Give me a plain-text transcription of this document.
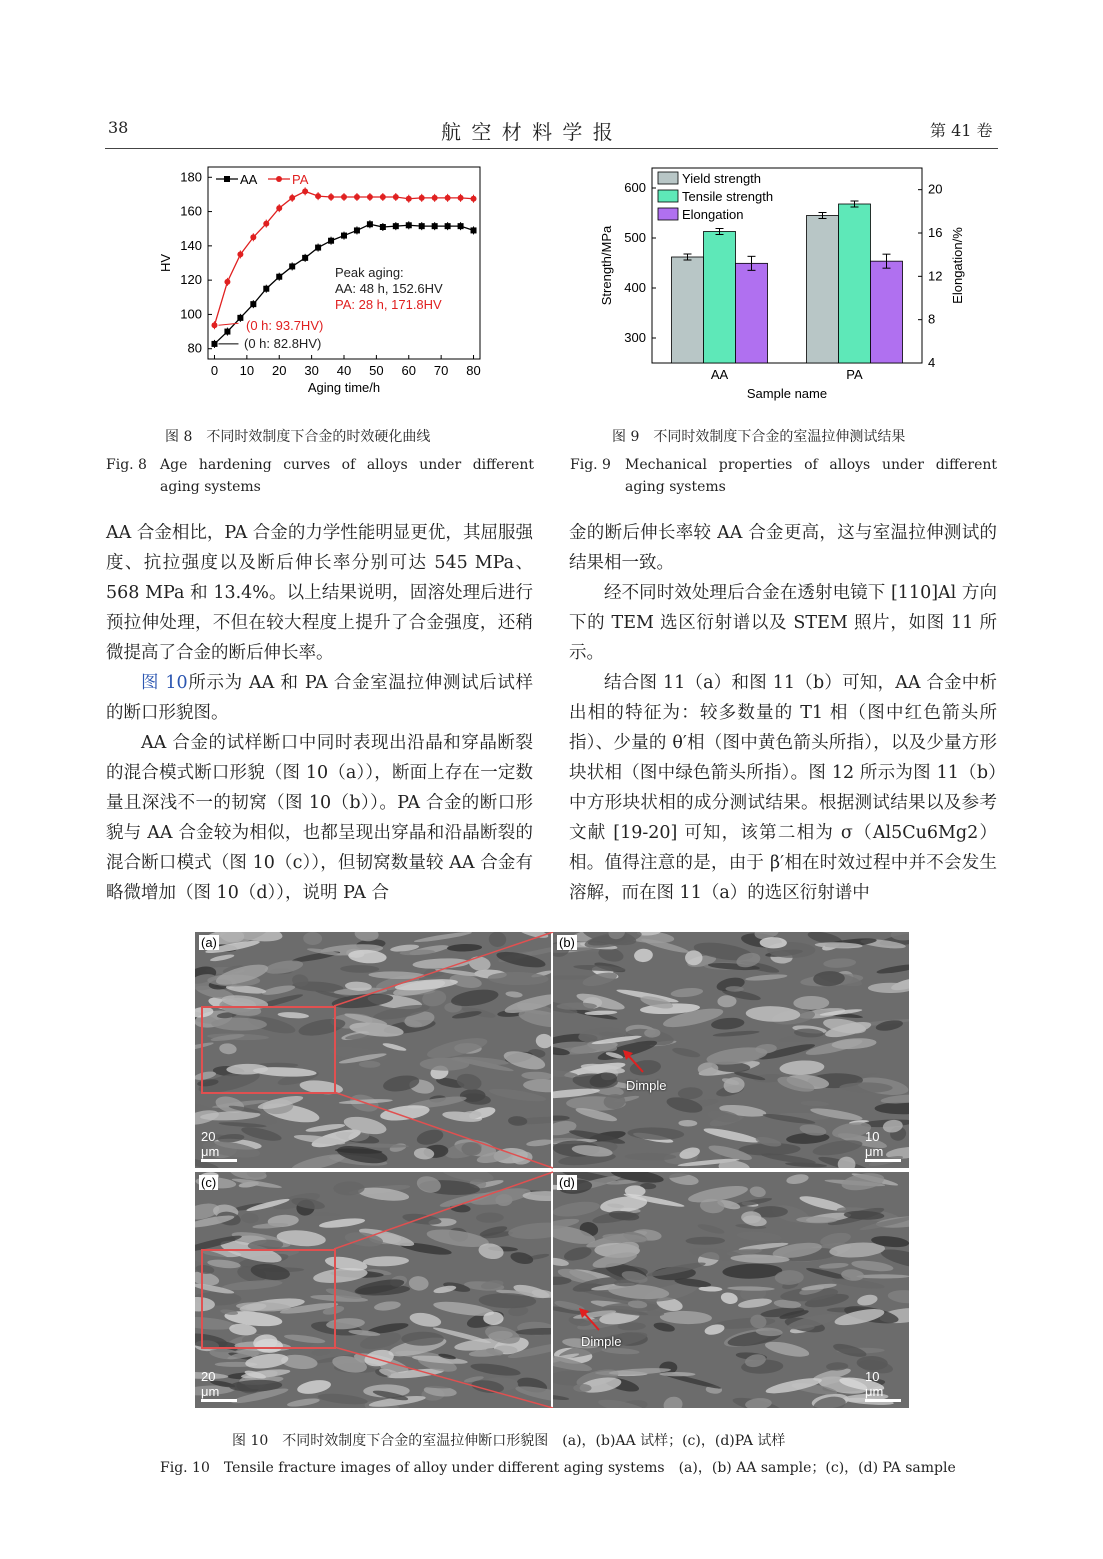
38	航 空 材 料 学 报	第 41 卷
0 10 20 30 40 50 60 70 80
80
100
120
140
160
180
Aging time/h
HV
AA	PA
Peak aging:
AA: 48 h, 152.6HV
PA: 28 h, 171.8HV
(0 h: 93.7HV)
(0 h: 82.8HV)
图 8　不同时效制度下合金的时效硬化曲线
Fig. 8 Age hardening curves of alloys under different aging systems
300
400
500
600
4
8
12
16
20
AA	PA
Yield strength
Tensile strength
Elongation
Sample name
Strength/MPa	Elongation/%
图 9　不同时效制度下合金的室温拉伸测试结果
Fig. 9	Mechanical properties of alloys under different aging systems

AA 合金相比，PA 合金的力学性能明显更优，其屈服强度、抗拉强度以及断后伸长率分别可达 545 MPa、568 MPa 和 13.4%。以上结果说明，固溶处理后进行预拉伸处理，不但在较大程度上提升了合金强度，还稍微提高了合金的断后伸长率。

图 10所示为 AA 和 PA 合金室温拉伸测试后试样的断口形貌图。

AA 合金的试样断口中同时表现出沿晶和穿晶断裂的混合模式断口形貌（图 10（a）），断面上存在一定数量且深浅不一的韧窝（图 10（b））。PA 合金的断口形貌与 AA 合金较为相似，也都呈现出穿晶和沿晶断裂的混合断口模式（图 10（c）），但韧窝数量较 AA 合金有略微增加（图 10（d）），说明 PA 合

金的断后伸长率较 AA 合金更高，这与室温拉伸测试的结果相一致。

经不同时效处理后合金在透射电镜下 [110]Al 方向下的 TEM 选区衍射谱以及 STEM 照片，如图 11 所示。

结合图 11（a）和图 11（b）可知，AA 合金中析出相的特征为：较多数量的 T1 相（图中红色箭头所指）、少量的 θ′相（图中黄色箭头所指），以及少量方形块状相（图中绿色箭头所指）。图 12 所示为图 11（b）中方形块状相的成分测试结果。根据测试结果以及参考文献 [19-20] 可知，该第二相为 σ（Al5Cu6Mg2）相。值得注意的是，由于 β′相在时效过程中并不会发生溶解，而在图 11（a）的选区衍射谱中

(a)
20 μm
(b)
Dimple
10 μm
(c)
20 μm
(d)
Dimple
10 μm
图 10　不同时效制度下合金的室温拉伸断口形貌图　(a)，(b)AA 试样；(c)，(d)PA 试样
Fig. 10　Tensile fracture images of alloy under different aging systems　(a)，(b) AA sample；(c)，(d) PA sample
